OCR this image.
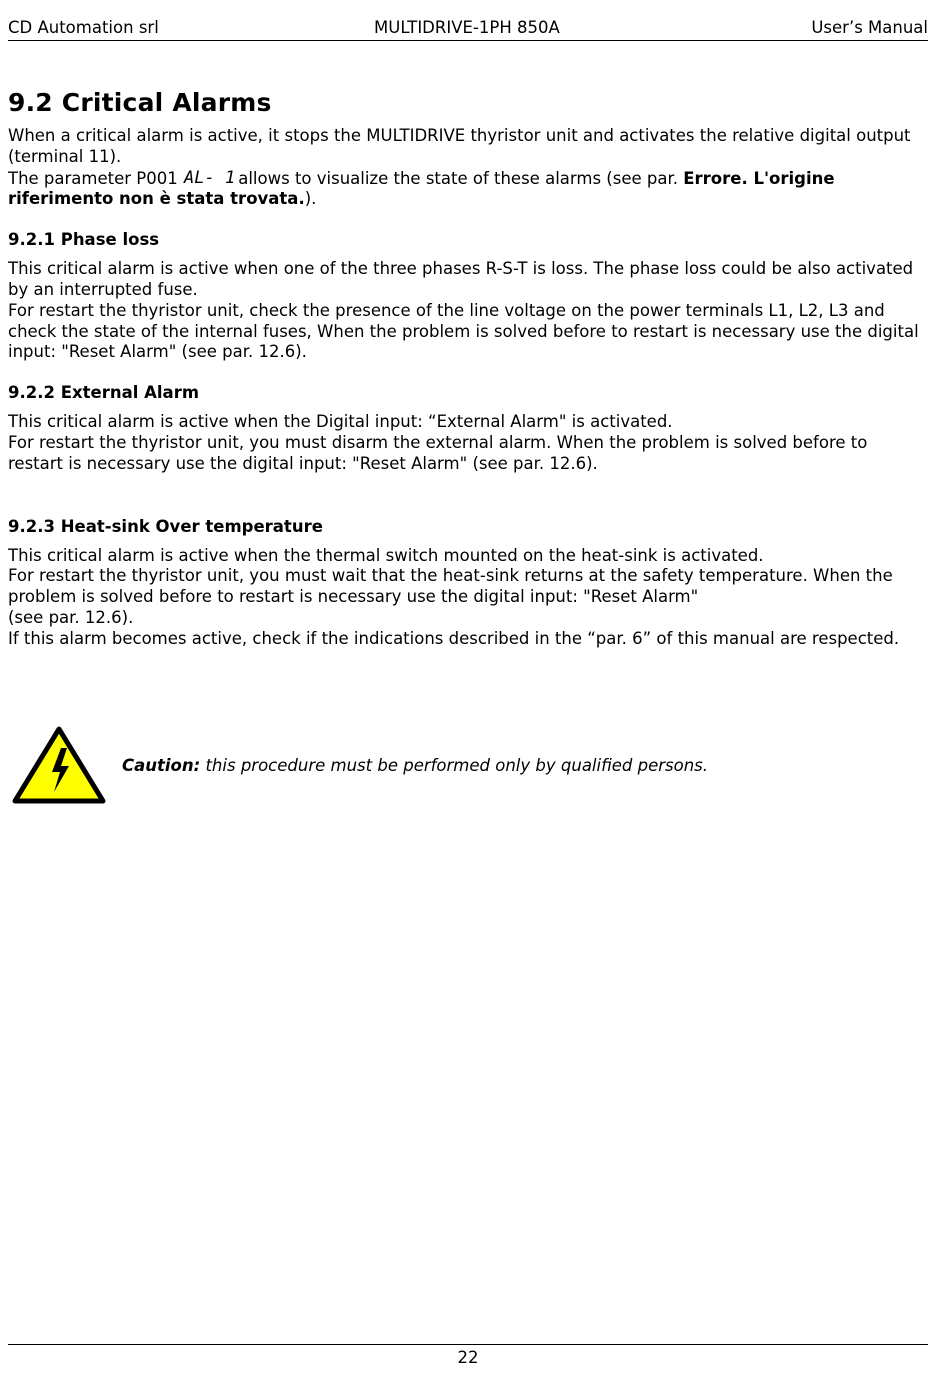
CD Automation srl	MULTIDRIVE-1PH 850A	User’s Manual
9.2 Critical Alarms

When a critical alarm is active, it stops the MULTIDRIVE thyristor unit and activates the relative digital output (terminal 11).
The parameter P001 AL- 1 allows to visualize the state of these alarms (see par. Errore. L'origine riferimento non è stata trovata.).

9.2.1 Phase loss

This critical alarm is active when one of the three phases R-S-T is loss. The phase loss could be also activated by an interrupted fuse.
For restart the thyristor unit, check the presence of the line voltage on the power terminals L1, L2, L3 and check the state of the internal fuses, When the problem is solved before to restart is necessary use the digital input: "Reset Alarm" (see par. 12.6).

9.2.2 External Alarm

This critical alarm is active when the Digital input: “External Alarm" is activated.
For restart the thyristor unit, you must disarm the external alarm. When the problem is solved before to restart is necessary use the digital input: "Reset Alarm" (see par. 12.6).

9.2.3 Heat-sink Over temperature

This critical alarm is active when the thermal switch mounted on the heat-sink is activated.
For restart the thyristor unit, you must wait that the heat-sink returns at the safety temperature. When the problem is solved before to restart is necessary use the digital input: "Reset Alarm"
(see par. 12.6).
If this alarm becomes active, check if the indications described in the “par. 6” of this manual are respected.

Caution: this procedure must be performed only by qualified persons.
22
